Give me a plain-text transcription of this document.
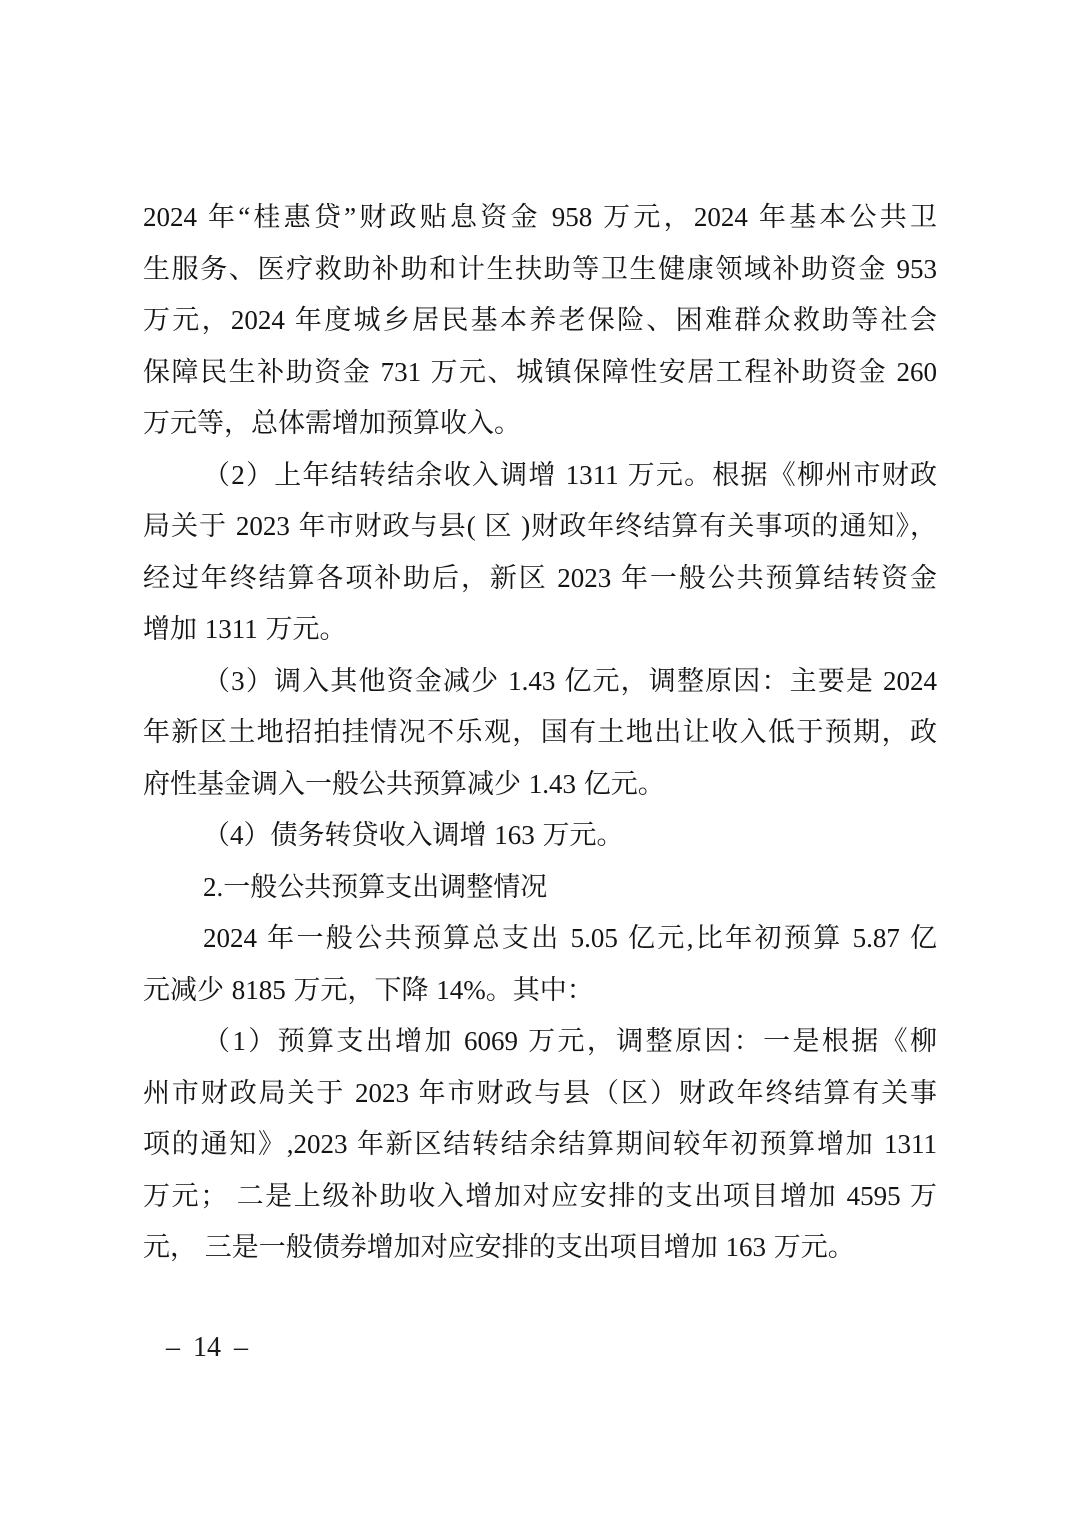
2024 年“桂惠贷”财政贴息资金 958 万元，2024 年基本公共卫
生服务、医疗救助补助和计生扶助等卫生健康领域补助资金 953
万元，2024 年度城乡居民基本养老保险、困难群众救助等社会
保障民生补助资金 731 万元、城镇保障性安居工程补助资金 260
万元等，总体需增加预算收入。
（2）上年结转结余收入调增 1311 万元。根据《柳州市财政
局关于 2023 年市财政与县( 区 )财政年终结算有关事项的通知》，
经过年终结算各项补助后，新区 2023 年一般公共预算结转资金
增加 1311 万元。
（3）调入其他资金减少 1.43 亿元，调整原因：主要是 2024
年新区土地招拍挂情况不乐观，国有土地出让收入低于预期，政
府性基金调入一般公共预算减少 1.43 亿元。
（4）债务转贷收入调增 163 万元。
2.一般公共预算支出调整情况
2024 年一般公共预算总支出 5.05 亿元,比年初预算 5.87 亿
元减少 8185 万元，下降 14%。其中：
（1）预算支出增加 6069 万元，调整原因：一是根据《柳
州市财政局关于 2023 年市财政与县（区）财政年终结算有关事
项的通知》,2023 年新区结转结余结算期间较年初预算增加 1311
万元； 二是上级补助收入增加对应安排的支出项目增加 4595 万
元， 三是一般债券增加对应安排的支出项目增加 163 万元。
– 14 –
